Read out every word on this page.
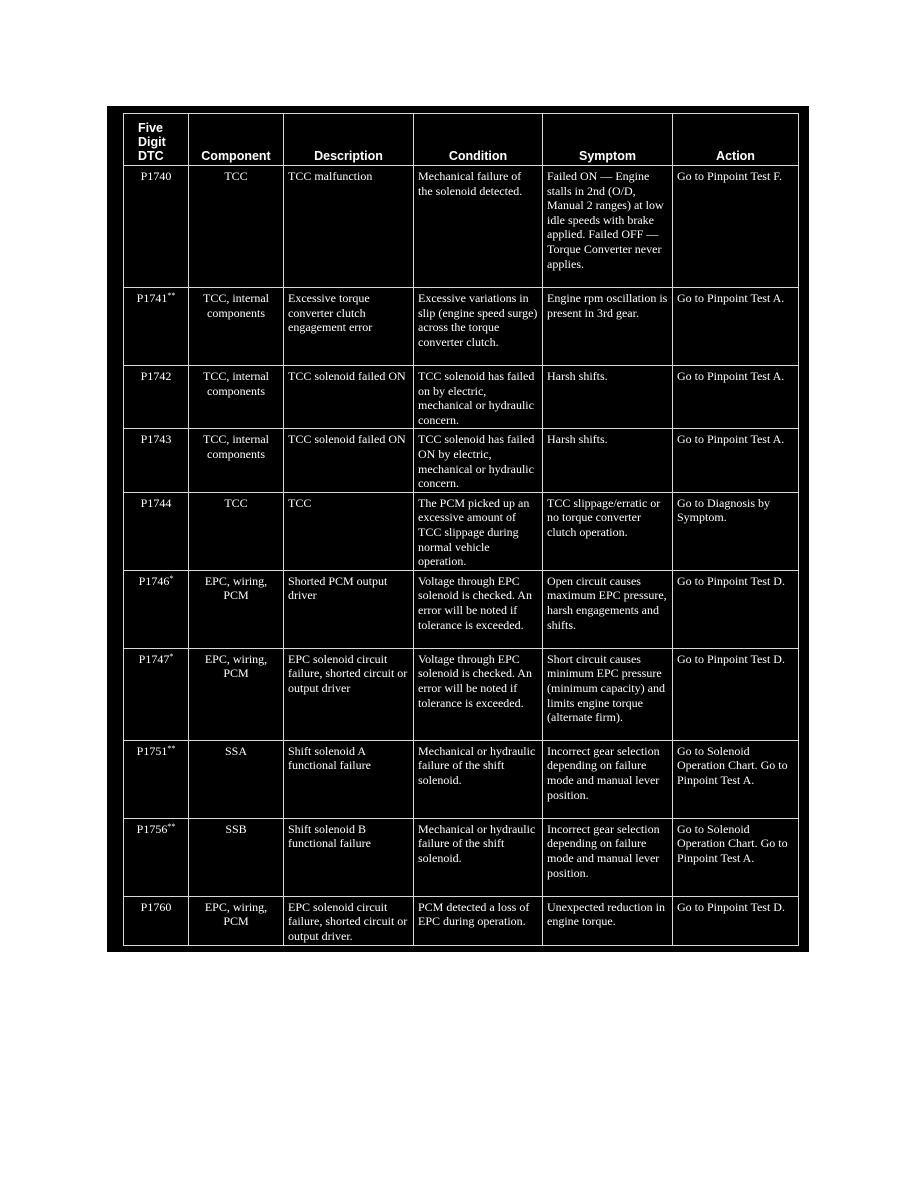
Five
Digit
DTC	Component	Description	Condition	Symptom	Action
P1740	TCC	TCC malfunction	Mechanical failure of the solenoid detected.	Failed ON — Engine stalls in 2nd (O/D, Manual 2 ranges) at low idle speeds with brake applied. Failed OFF — Torque Converter never applies.	Go to Pinpoint Test F.
P1741**	TCC, internal components	Excessive torque converter clutch engagement error	Excessive variations in slip (engine speed surge) across the torque converter clutch.	Engine rpm oscillation is present in 3rd gear.	Go to Pinpoint Test A.
P1742	TCC, internal components	TCC solenoid failed ON	TCC solenoid has failed on by electric, mechanical or hydraulic concern.	Harsh shifts.	Go to Pinpoint Test A.
P1743	TCC, internal components	TCC solenoid failed ON	TCC solenoid has failed ON by electric, mechanical or hydraulic concern.	Harsh shifts.	Go to Pinpoint Test A.
P1744	TCC	TCC	The PCM picked up an excessive amount of TCC slippage during normal vehicle operation.	TCC slippage/erratic or no torque converter clutch operation.	Go to Diagnosis by Symptom.
P1746*	EPC, wiring, PCM	Shorted PCM output driver	Voltage through EPC solenoid is checked. An error will be noted if tolerance is exceeded.	Open circuit causes maximum EPC pressure, harsh engagements and shifts.	Go to Pinpoint Test D.
P1747*	EPC, wiring, PCM	EPC solenoid circuit failure, shorted circuit or output driver	Voltage through EPC solenoid is checked. An error will be noted if tolerance is exceeded.	Short circuit causes minimum EPC pressure (minimum capacity) and limits engine torque (alternate firm).	Go to Pinpoint Test D.
P1751**	SSA	Shift solenoid A functional failure	Mechanical or hydraulic failure of the shift solenoid.	Incorrect gear selection depending on failure mode and manual lever position.	Go to Solenoid Operation Chart. Go to Pinpoint Test A.
P1756**	SSB	Shift solenoid B functional failure	Mechanical or hydraulic failure of the shift solenoid.	Incorrect gear selection depending on failure mode and manual lever position.	Go to Solenoid Operation Chart. Go to Pinpoint Test A.
P1760	EPC, wiring, PCM	EPC solenoid circuit failure, shorted circuit or output driver.	PCM detected a loss of EPC during operation.	Unexpected reduction in engine torque.	Go to Pinpoint Test D.
